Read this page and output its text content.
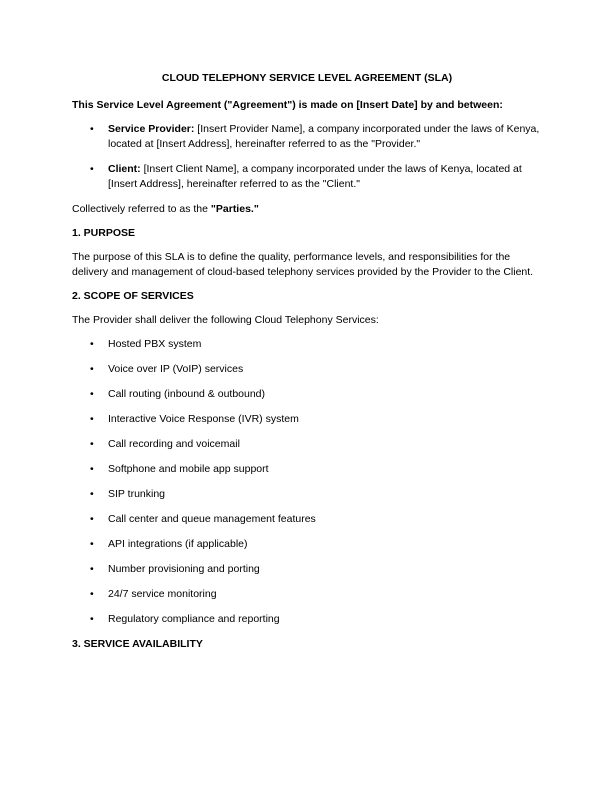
CLOUD TELEPHONY SERVICE LEVEL AGREEMENT (SLA)
This Service Level Agreement ("Agreement") is made on [Insert Date] by and between:
• Service Provider: [Insert Provider Name], a company incorporated under the laws of Kenya, located at [Insert Address], hereinafter referred to as the "Provider."
• Client: [Insert Client Name], a company incorporated under the laws of Kenya, located at [Insert Address], hereinafter referred to as the "Client."

Collectively referred to as the "Parties."

1. PURPOSE

The purpose of this SLA is to define the quality, performance levels, and responsibilities for the delivery and management of cloud-based telephony services provided by the Provider to the Client.

2. SCOPE OF SERVICES

The Provider shall deliver the following Cloud Telephony Services:

• Hosted PBX system
• Voice over IP (VoIP) services
• Call routing (inbound & outbound)
• Interactive Voice Response (IVR) system
• Call recording and voicemail
• Softphone and mobile app support
• SIP trunking
• Call center and queue management features
• API integrations (if applicable)
• Number provisioning and porting
• 24/7 service monitoring
• Regulatory compliance and reporting
3. SERVICE AVAILABILITY
